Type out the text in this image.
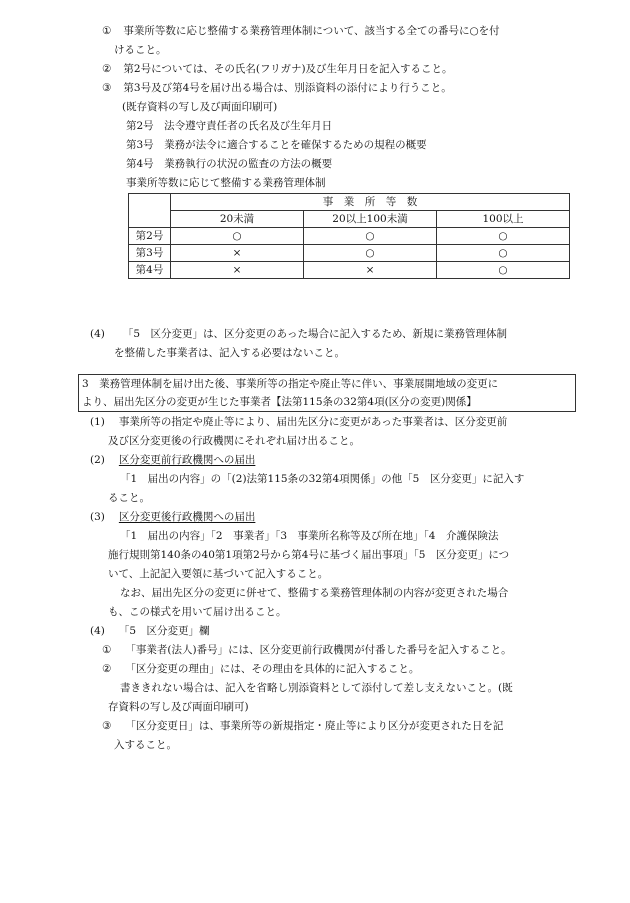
① 事業所等数に応じ整備する業務管理体制について、該当する全ての番号に○を付
けること。
② 第2号については、その氏名(フリガナ)及び生年月日を記入すること。
③ 第3号及び第4号を届け出る場合は、別添資料の添付により行うこと。
(既存資料の写し及び両面印刷可)
第2号　法令遵守責任者の氏名及び生年月日
第3号　業務が法令に適合することを確保するための規程の概要
第4号　業務執行の状況の監査の方法の概要
事業所等数に応じて整備する業務管理体制
	事　業　所　等　数		
	20未満	20以上100未満	100以上
第2号	○	○	○
第3号	×	○	○
第4号	×	×	○
(4) 「5　区分変更」は、区分変更のあった場合に記入するため、新規に業務管理体制
を整備した事業者は、記入する必要はないこと。
3　業務管理体制を届け出た後、事業所等の指定や廃止等に伴い、事業展開地域の変更に
より、届出先区分の変更が生じた事業者【法第115条の32第4項(区分の変更)関係】
(1) 事業所等の指定や廃止等により、届出先区分に変更があった事業者は、区分変更前
及び区分変更後の行政機関にそれぞれ届け出ること。
(2) 区分変更前行政機関への届出
「1　届出の内容」の「(2)法第115条の32第4項関係」の他「5　区分変更」に記入す
ること。
(3) 区分変更後行政機関への届出
「1　届出の内容」「2　事業者」「3　事業所名称等及び所在地」「4　介護保険法
施行規則第140条の40第1項第2号から第4号に基づく届出事項」「5　区分変更」につ
いて、上記記入要領に基づいて記入すること。
なお、届出先区分の変更に併せて、整備する業務管理体制の内容が変更された場合
も、この様式を用いて届け出ること。
(4) 「5　区分変更」欄
① 「事業者(法人)番号」には、区分変更前行政機関が付番した番号を記入すること。
② 「区分変更の理由」には、その理由を具体的に記入すること。
書ききれない場合は、記入を省略し別添資料として添付して差し支えないこと。(既
存資料の写し及び両面印刷可)
③ 「区分変更日」は、事業所等の新規指定・廃止等により区分が変更された日を記
入すること。
